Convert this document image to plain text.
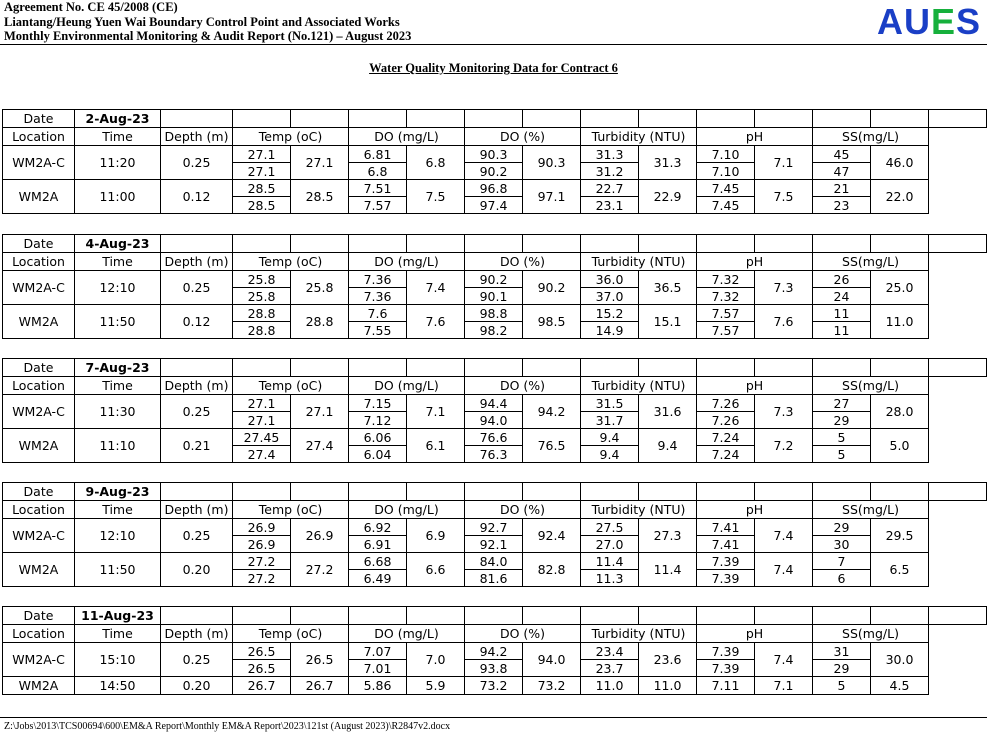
Agreement No. CE 45/2008 (CE)
Liantang/Heung Yuen Wai Boundary Control Point and Associated Works
Monthly Environmental Monitoring & Audit Report (No.121) – August 2023	AUES
Water Quality Monitoring Data for Contract 6
Date	2-Aug-23															
Location	Time	Depth (m)	Temp (oC)		DO (mg/L)		DO (%)		Turbidity (NTU)		pH		SS(mg/L)			
WM2A-C	11:20	0.25	27.1	27.1	6.81	6.8	90.3	90.3	31.3	31.3	7.10	7.1	45	46.0		
			27.1		6.8		90.2		31.2		7.10		47			
WM2A	11:00	0.12	28.5	28.5	7.51	7.5	96.8	97.1	22.7	22.9	7.45	7.5	21	22.0		
			28.5		7.57		97.4		23.1		7.45		23			
Date	4-Aug-23															
Location	Time	Depth (m)	Temp (oC)		DO (mg/L)		DO (%)		Turbidity (NTU)		pH		SS(mg/L)			
WM2A-C	12:10	0.25	25.8	25.8	7.36	7.4	90.2	90.2	36.0	36.5	7.32	7.3	26	25.0		
			25.8		7.36		90.1		37.0		7.32		24			
WM2A	11:50	0.12	28.8	28.8	7.6	7.6	98.8	98.5	15.2	15.1	7.57	7.6	11	11.0		
			28.8		7.55		98.2		14.9		7.57		11			
Date	7-Aug-23															
Location	Time	Depth (m)	Temp (oC)		DO (mg/L)		DO (%)		Turbidity (NTU)		pH		SS(mg/L)			
WM2A-C	11:30	0.25	27.1	27.1	7.15	7.1	94.4	94.2	31.5	31.6	7.26	7.3	27	28.0		
			27.1		7.12		94.0		31.7		7.26		29			
WM2A	11:10	0.21	27.45	27.4	6.06	6.1	76.6	76.5	9.4	9.4	7.24	7.2	5	5.0		
			27.4		6.04		76.3		9.4		7.24		5			
Date	9-Aug-23															
Location	Time	Depth (m)	Temp (oC)		DO (mg/L)		DO (%)		Turbidity (NTU)		pH		SS(mg/L)			
WM2A-C	12:10	0.25	26.9	26.9	6.92	6.9	92.7	92.4	27.5	27.3	7.41	7.4	29	29.5		
			26.9		6.91		92.1		27.0		7.41		30			
WM2A	11:50	0.20	27.2	27.2	6.68	6.6	84.0	82.8	11.4	11.4	7.39	7.4	7	6.5		
			27.2		6.49		81.6		11.3		7.39		6			
Date	11-Aug-23															
Location	Time	Depth (m)	Temp (oC)		DO (mg/L)		DO (%)		Turbidity (NTU)		pH		SS(mg/L)			
WM2A-C	15:10	0.25	26.5	26.5	7.07	7.0	94.2	94.0	23.4	23.6	7.39	7.4	31	30.0		
			26.5		7.01		93.8		23.7		7.39		29			
WM2A	14:50	0.20	26.7	26.7	5.86	5.9	73.2	73.2	11.0	11.0	7.11	7.1	5	4.5		
Z:\Jobs\2013\TCS00694\600\EM&A Report\Monthly EM&A Report\2023\121st (August 2023)\R2847v2.docx
